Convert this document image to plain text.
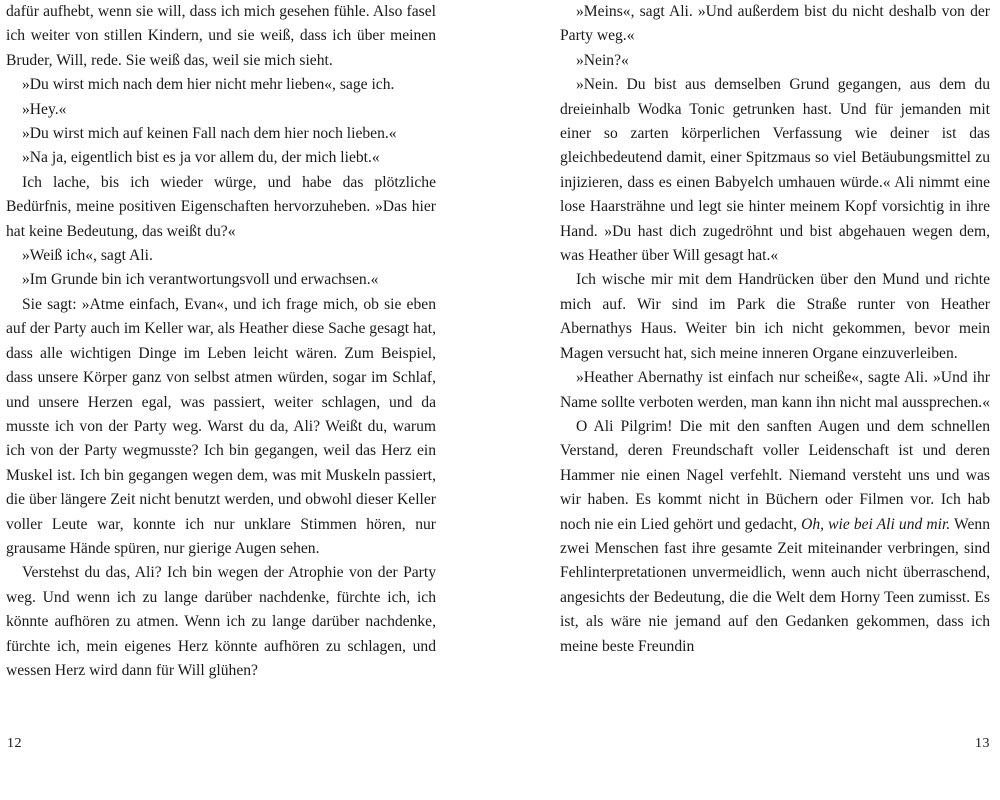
dafür aufhebt, wenn sie will, dass ich mich gesehen fühle. Also fasel ich weiter von stillen Kindern, und sie weiß, dass ich über meinen Bruder, Will, rede. Sie weiß das, weil sie mich sieht.

»Du wirst mich nach dem hier nicht mehr lieben«, sage ich.

»Hey.«

»Du wirst mich auf keinen Fall nach dem hier noch lieben.«

»Na ja, eigentlich bist es ja vor allem du, der mich liebt.«

Ich lache, bis ich wieder würge, und habe das plötzliche Bedürfnis, meine positiven Eigenschaften hervorzuheben. »Das hier hat keine Bedeutung, das weißt du?«

»Weiß ich«, sagt Ali.

»Im Grunde bin ich verantwortungsvoll und erwachsen.«

Sie sagt: »Atme einfach, Evan«, und ich frage mich, ob sie eben auf der Party auch im Keller war, als Heather diese Sache gesagt hat, dass alle wichtigen Dinge im Leben leicht wären. Zum Beispiel, dass unsere Körper ganz von selbst atmen würden, sogar im Schlaf, und unsere Herzen egal, was passiert, weiter schlagen, und da musste ich von der Party weg. Warst du da, Ali? Weißt du, warum ich von der Party wegmusste? Ich bin gegangen, weil das Herz ein Muskel ist. Ich bin gegangen wegen dem, was mit Muskeln passiert, die über längere Zeit nicht benutzt werden, und obwohl dieser Keller voller Leute war, konnte ich nur unklare Stimmen hören, nur grausame Hände spüren, nur gierige Augen sehen.

Verstehst du das, Ali? Ich bin wegen der Atrophie von der Party weg. Und wenn ich zu lange darüber nachdenke, fürchte ich, ich könnte aufhören zu atmen. Wenn ich zu lange darüber nachdenke, fürchte ich, mein eigenes Herz könnte aufhören zu schlagen, und wessen Herz wird dann für Will glühen?

»Meins«, sagt Ali. »Und außerdem bist du nicht deshalb von der Party weg.«

»Nein?«

»Nein. Du bist aus demselben Grund gegangen, aus dem du dreieinhalb Wodka Tonic getrunken hast. Und für jemanden mit einer so zarten körperlichen Verfassung wie deiner ist das gleichbedeutend damit, einer Spitzmaus so viel Betäubungsmittel zu injizieren, dass es einen Babyelch umhauen würde.« Ali nimmt eine lose Haarsträhne und legt sie hinter meinem Kopf vorsichtig in ihre Hand. »Du hast dich zugedröhnt und bist abgehauen wegen dem, was Heather über Will gesagt hat.«

Ich wische mir mit dem Handrücken über den Mund und richte mich auf. Wir sind im Park die Straße runter von Heather Abernathys Haus. Weiter bin ich nicht gekommen, bevor mein Magen versucht hat, sich meine inneren Organe einzuverleiben.

»Heather Abernathy ist einfach nur scheiße«, sagte Ali. »Und ihr Name sollte verboten werden, man kann ihn nicht mal aussprechen.«

O Ali Pilgrim! Die mit den sanften Augen und dem schnellen Verstand, deren Freundschaft voller Leidenschaft ist und deren Hammer nie einen Nagel verfehlt. Niemand versteht uns und was wir haben. Es kommt nicht in Büchern oder Filmen vor. Ich hab noch nie ein Lied gehört und gedacht, Oh, wie bei Ali und mir. Wenn zwei Menschen fast ihre gesamte Zeit miteinander verbringen, sind Fehlinterpretationen unvermeidlich, wenn auch nicht überraschend, angesichts der Bedeutung, die die Welt dem Horny Teen zumisst. Es ist, als wäre nie jemand auf den Gedanken gekommen, dass ich meine beste Freundin

12	13
